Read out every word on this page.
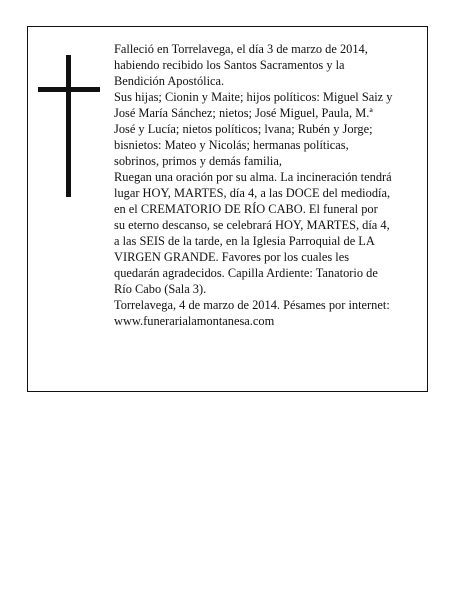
Falleció en Torrelavega, el día 3 de marzo de 2014,

habiendo recibido los Santos Sacramentos y la

Bendición Apostólica.

Sus hijas; Cionin y Maite; hijos políticos: Miguel Saiz y

José María Sánchez; nietos; José Miguel, Paula, M.ª

José y Lucía; nietos políticos; lvana; Rubén y Jorge;

bisnietos: Mateo y Nicolás; hermanas políticas,

sobrinos, primos y demás familia,

Ruegan una oración por su alma. La incineración tendrá

lugar HOY, MARTES, día 4, a las DOCE del mediodía,

en el CREMATORIO DE RÍO CABO. El funeral por

su eterno descanso, se celebrará HOY, MARTES, día 4,

a las SEIS de la tarde, en la Iglesia Parroquial de LA

VIRGEN GRANDE. Favores por los cuales les

quedarán agradecidos. Capilla Ardiente: Tanatorio de

Río Cabo (Sala 3).

Torrelavega, 4 de marzo de 2014. Pésames por internet:

www.funerarialamontanesa.com
